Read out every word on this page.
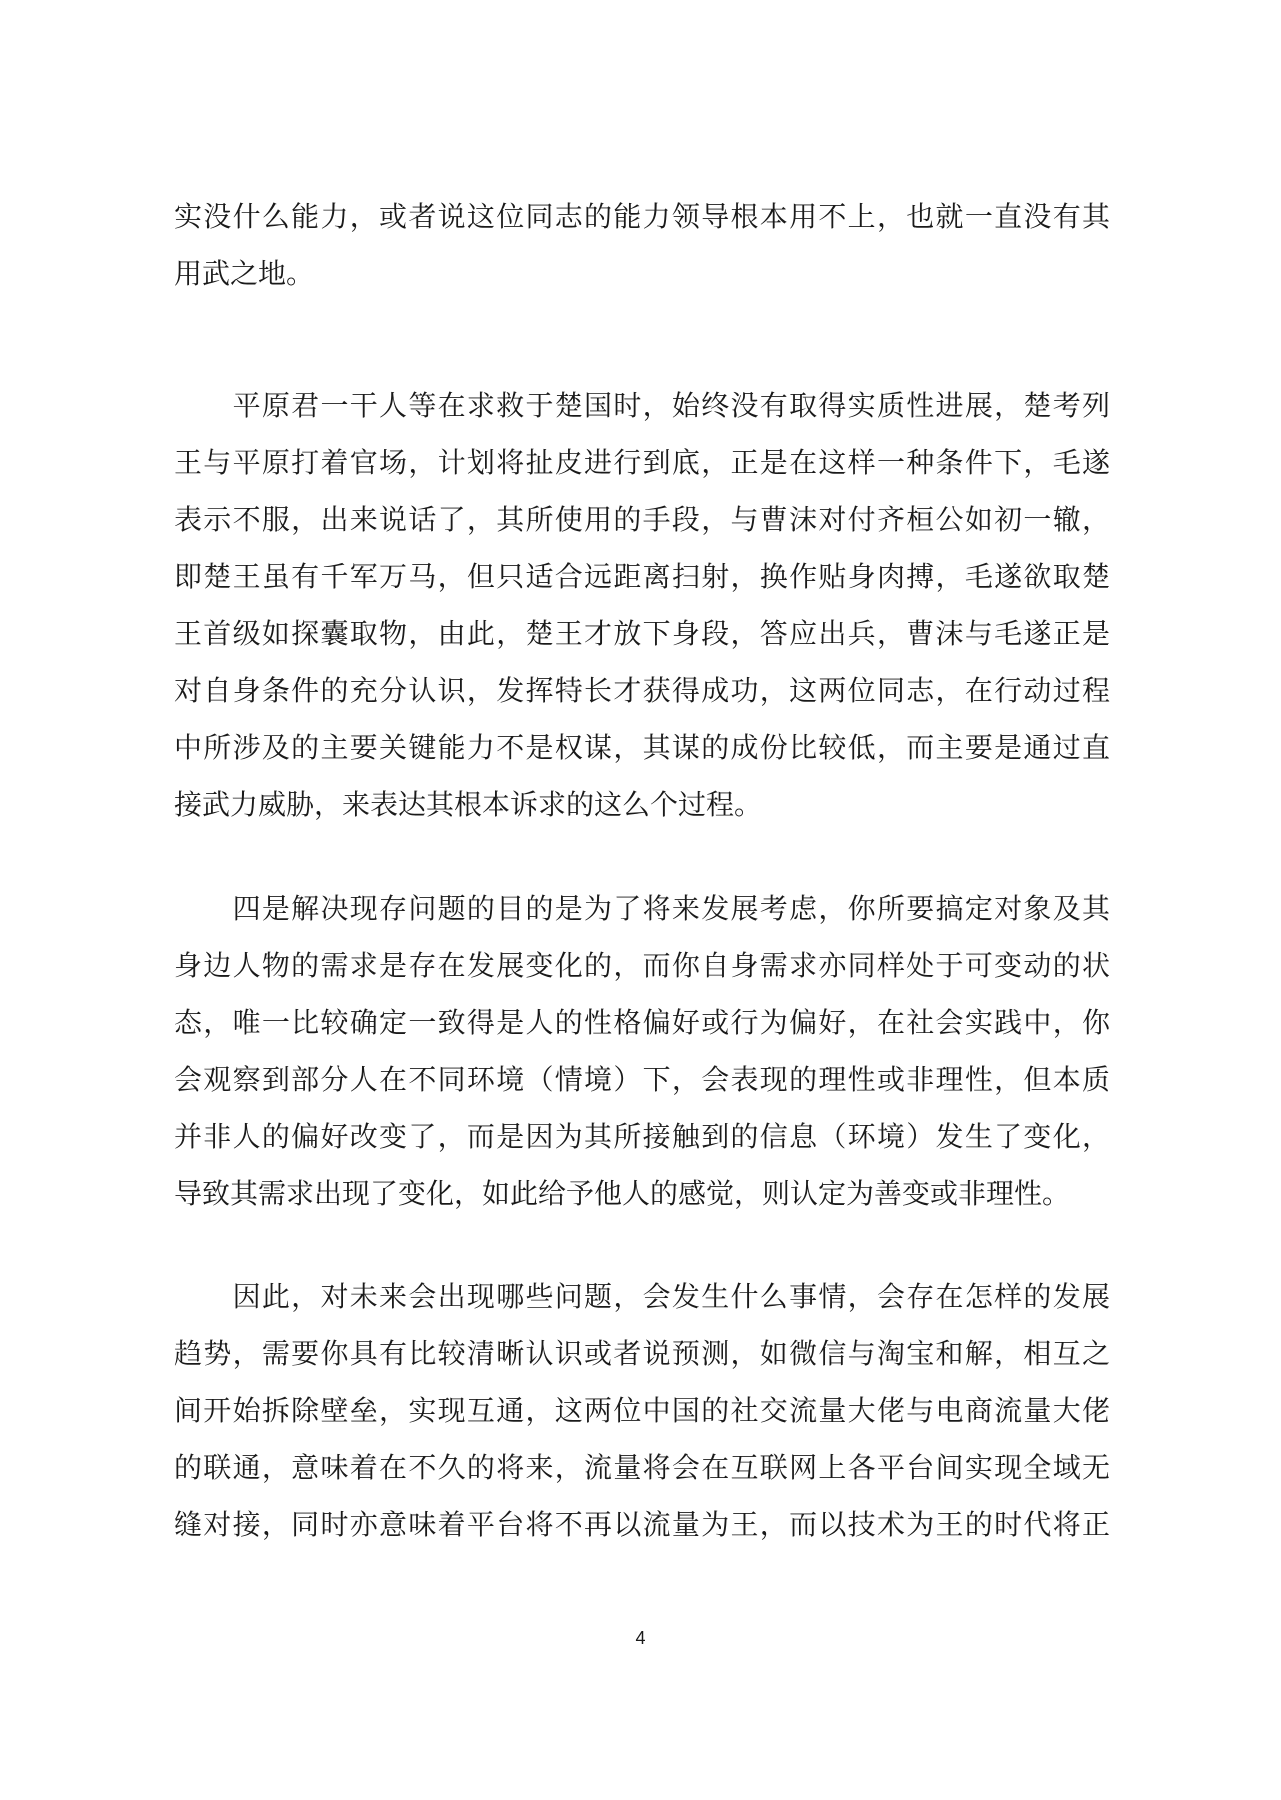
实没什么能力，或者说这位同志的能力领导根本用不上，也就一直没有其
用武之地。
　　平原君一干人等在求救于楚国时，始终没有取得实质性进展，楚考列
王与平原打着官场，计划将扯皮进行到底，正是在这样一种条件下，毛遂
表示不服，出来说话了，其所使用的手段，与曹沫对付齐桓公如初一辙，
即楚王虽有千军万马，但只适合远距离扫射，换作贴身肉搏，毛遂欲取楚
王首级如探囊取物，由此，楚王才放下身段，答应出兵，曹沫与毛遂正是
对自身条件的充分认识，发挥特长才获得成功，这两位同志，在行动过程
中所涉及的主要关键能力不是权谋，其谋的成份比较低，而主要是通过直
接武力威胁，来表达其根本诉求的这么个过程。
　　四是解决现存问题的目的是为了将来发展考虑，你所要搞定对象及其
身边人物的需求是存在发展变化的，而你自身需求亦同样处于可变动的状
态，唯一比较确定一致得是人的性格偏好或行为偏好，在社会实践中，你
会观察到部分人在不同环境（情境）下，会表现的理性或非理性，但本质
并非人的偏好改变了，而是因为其所接触到的信息（环境）发生了变化，
导致其需求出现了变化，如此给予他人的感觉，则认定为善变或非理性。
　　因此，对未来会出现哪些问题，会发生什么事情，会存在怎样的发展
趋势，需要你具有比较清晰认识或者说预测，如微信与淘宝和解，相互之
间开始拆除壁垒，实现互通，这两位中国的社交流量大佬与电商流量大佬
的联通，意味着在不久的将来，流量将会在互联网上各平台间实现全域无
缝对接，同时亦意味着平台将不再以流量为王，而以技术为王的时代将正
4
